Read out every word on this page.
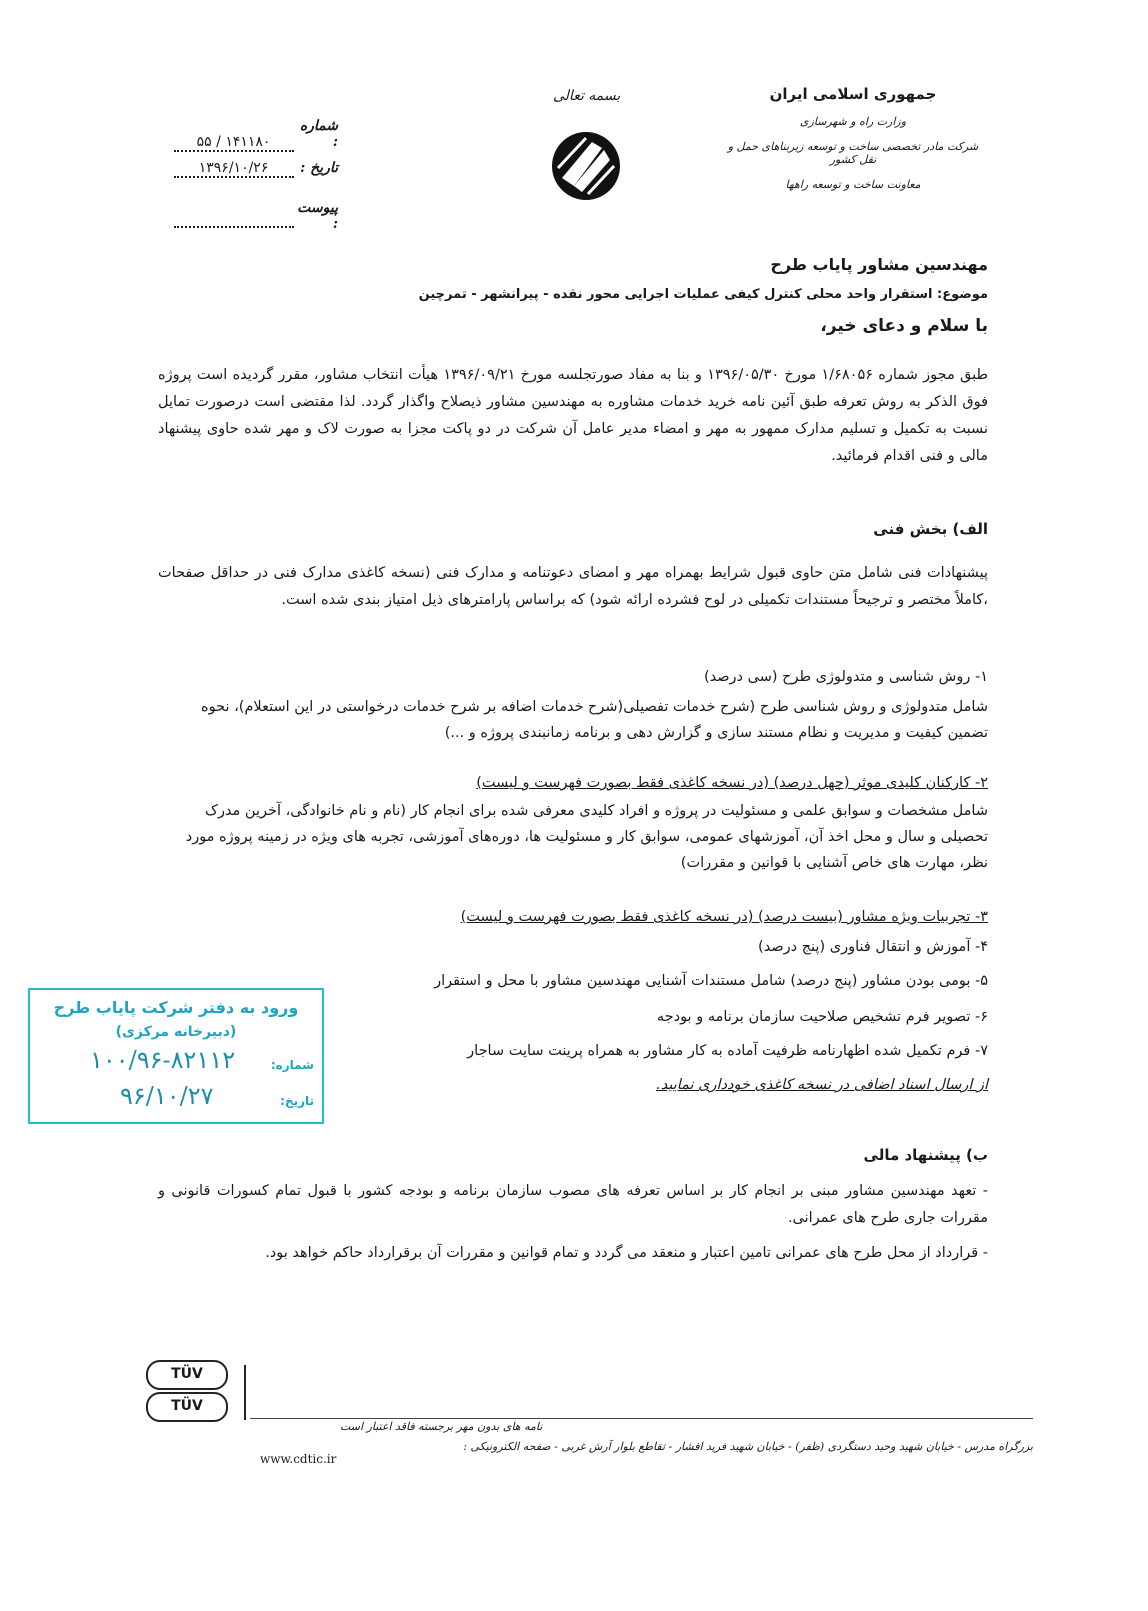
جمهوری اسلامی ایران
وزارت راه و شهرسازی
شرکت مادر تخصصی ساخت و توسعه زیربناهای حمل و نقل کشور
معاونت ساخت و توسعه راهها
بسمه تعالی
شماره : ۵۵ / ۱۴۱۱۸۰
تاریخ : ۱۳۹۶/۱۰/۲۶
پیوست :
مهندسین مشاور پایاب طرح
موضوع: استقرار واحد محلی کنترل کیفی عملیات اجرایی محور نقده - پیرانشهر - تمرچین
با سلام و دعای خیر،
طبق مجوز شماره ۱/۶۸۰۵۶ مورخ ۱۳۹۶/۰۵/۳۰ و بنا به مفاد صورتجلسه مورخ ۱۳۹۶/۰۹/۲۱ هیأت انتخاب مشاور، مقرر گردیده است پروژه فوق الذکر به روش تعرفه طبق آئین نامه خرید خدمات مشاوره به مهندسین مشاور ذیصلاح واگذار گردد. لذا مقتضی است درصورت تمایل نسبت به تکمیل و تسلیم مدارک ممهور به مهر و امضاء مدیر عامل آن شرکت در دو پاکت مجزا به صورت لاک و مهر شده حاوی پیشنهاد مالی و فنی اقدام فرمائید.
الف) بخش فنی
پیشنهادات فنی شامل متن حاوی قبول شرایط بهمراه مهر و امضای دعوتنامه و مدارک فنی (نسخه کاغذی مدارک فنی در حداقل صفحات ،کاملاً مختصر و ترجیحاً مستندات تکمیلی در لوح فشرده ارائه شود) که براساس پارامترهای ذیل امتیاز بندی شده است.
۱- روش شناسی و متدولوژی طرح (سی درصد)
شامل متدولوژی و روش شناسی طرح (شرح خدمات تفصیلی(شرح خدمات اضافه بر شرح خدمات درخواستی در این استعلام)، نحوه تضمین کیفیت و مدیریت و نظام مستند سازی و گزارش دهی و برنامه زمانبندی پروژه و ...)
۲- کارکنان کلیدی موثر (چهل درصد) (در نسخه کاغذی فقط بصورت فهرست و لیست)
شامل مشخصات و سوابق علمی و مسئولیت در پروژه و افراد کلیدی معرفی شده برای انجام کار (نام و نام خانوادگی، آخرین مدرک تحصیلی و سال و محل اخذ آن، آموزشهای عمومی، سوابق کار و مسئولیت ها، دوره‌های آموزشی، تجربه های ویژه در زمینه پروژه مورد نظر، مهارت های خاص آشنایی با قوانین و مقررات)
۳- تجربیات ویژه مشاور (بیست درصد) (در نسخه کاغذی فقط بصورت فهرست و لیست)
۴- آموزش و انتقال فناوری (پنج درصد)
۵- بومی بودن مشاور (پنج درصد) شامل مستندات آشنایی مهندسین مشاور با محل و استقرار
۶- تصویر فرم تشخیص صلاحیت سازمان برنامه و بودجه
۷- فرم تکمیل شده اظهارنامه ظرفیت آماده به کار مشاور به همراه پرینت سایت ساجار
از ارسال اسناد اضافی در نسخه کاغذی خودداری نمایید.
ب) پیشنهاد مالی
- تعهد مهندسین مشاور مبنی بر انجام کار بر اساس تعرفه های مصوب سازمان برنامه و بودجه کشور با قبول تمام کسورات قانونی و مقررات جاری طرح های عمرانی.
- قرارداد از محل طرح های عمرانی تامین اعتبار و منعقد می گردد و تمام قوانین و مقررات آن برقرارداد حاکم خواهد بود.
ورود به دفتر شرکت پایاب طرح
(دبیرخانه مرکزی)
شماره:
۱۰۰/۹۶-۸۲۱۱۲
تاریخ:
۹۶/۱۰/۲۷
TÜV
TÜV
نامه های بدون مهر برجسته فاقد اعتبار است
بزرگراه مدرس - خیابان شهید وحید دستگردی (ظفر) - خیابان شهید فرید افشار - تقاطع بلوار آرش غربی - صفحه الکترونیکی :
www.cdtic.ir
